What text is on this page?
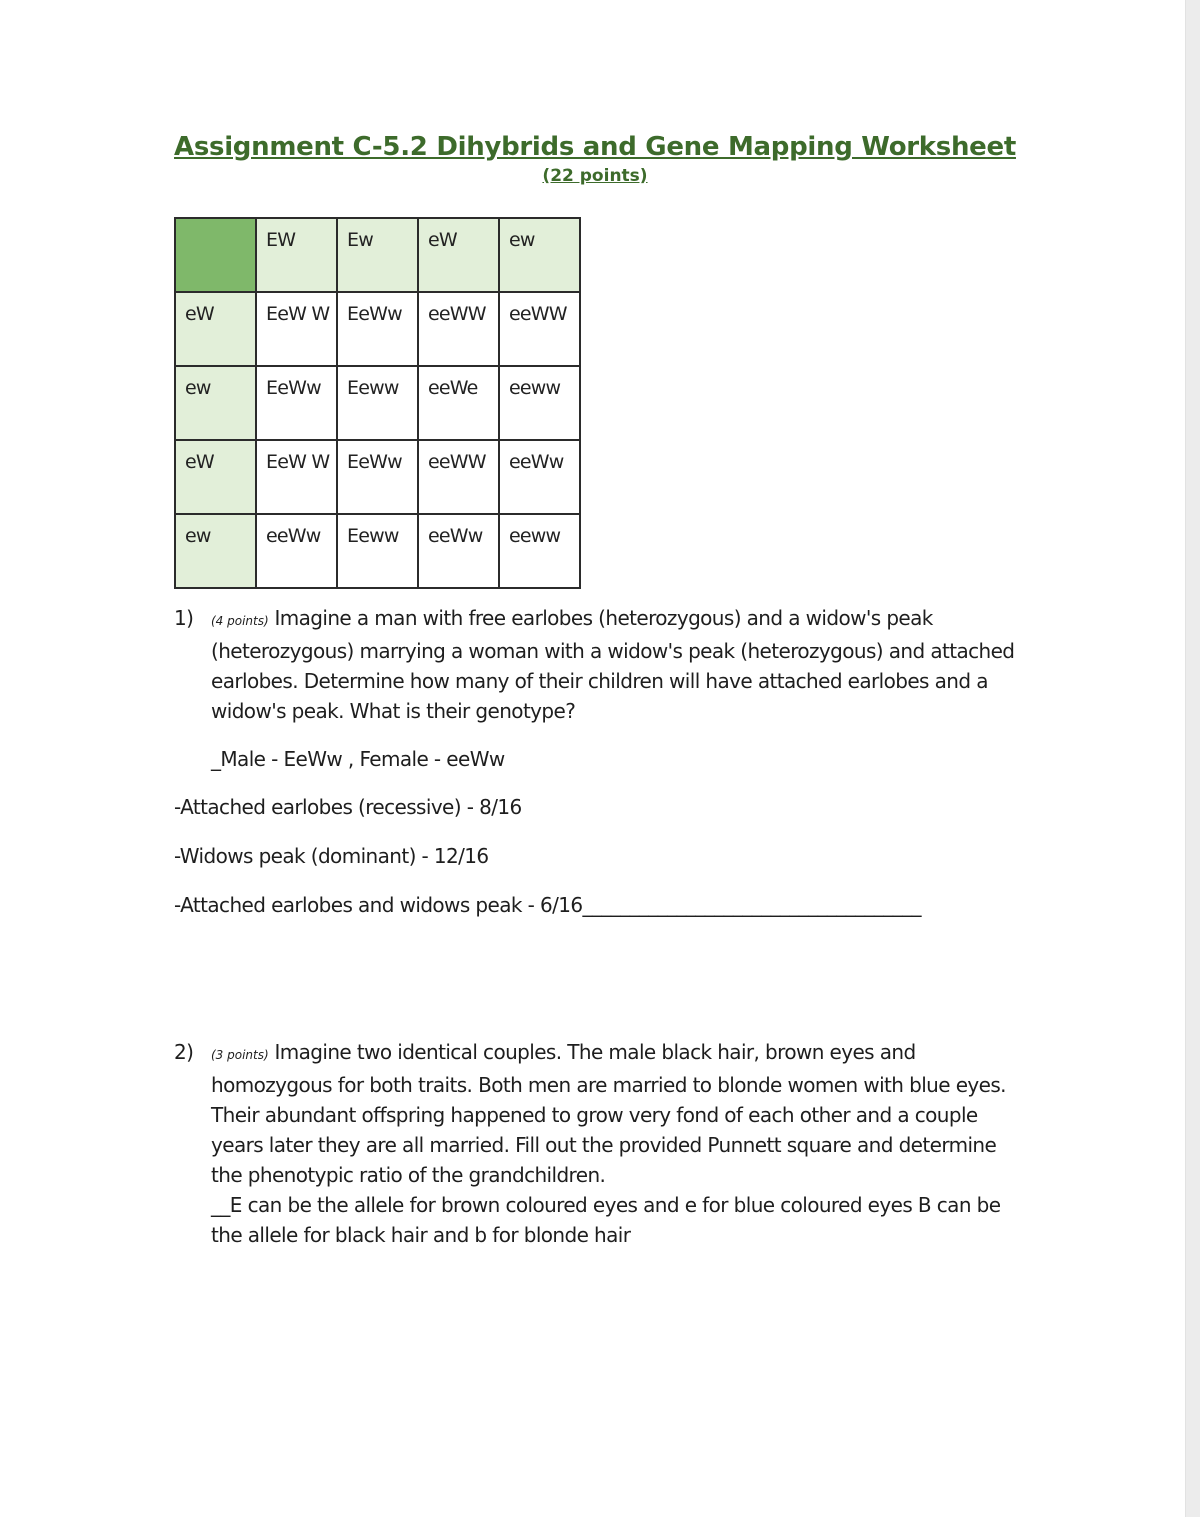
Assignment C-5.2 Dihybrids and Gene Mapping Worksheet
(22 points)
	EW	Ew	eW	ew
eW	EeW W	EeWw	eeWW	eeWW
ew	EeWw	Eeww	eeWe	eeww
eW	EeW W	EeWw	eeWW	eeWw
ew	eeWw	Eeww	eeWw	eeww
1) (4 points) Imagine a man with free earlobes (heterozygous) and a widow's peak (heterozygous) marrying a woman with a widow's peak (heterozygous) and attached earlobes. Determine how many of their children will have attached earlobes and a widow's peak. What is their genotype?
_Male - EeWw , Female - eeWw
-Attached earlobes (recessive) - 8/16
-Widows peak (dominant) - 12/16
-Attached earlobes and widows peak - 6/16____________________________________
2) (3 points) Imagine two identical couples. The male black hair, brown eyes and homozygous for both traits. Both men are married to blonde women with blue eyes. Their abundant offspring happened to grow very fond of each other and a couple years later they are all married. Fill out the provided Punnett square and determine the phenotypic ratio of the grandchildren.
__E can be the allele for brown coloured eyes and e for blue coloured eyes B can be the allele for black hair and b for blonde hair
